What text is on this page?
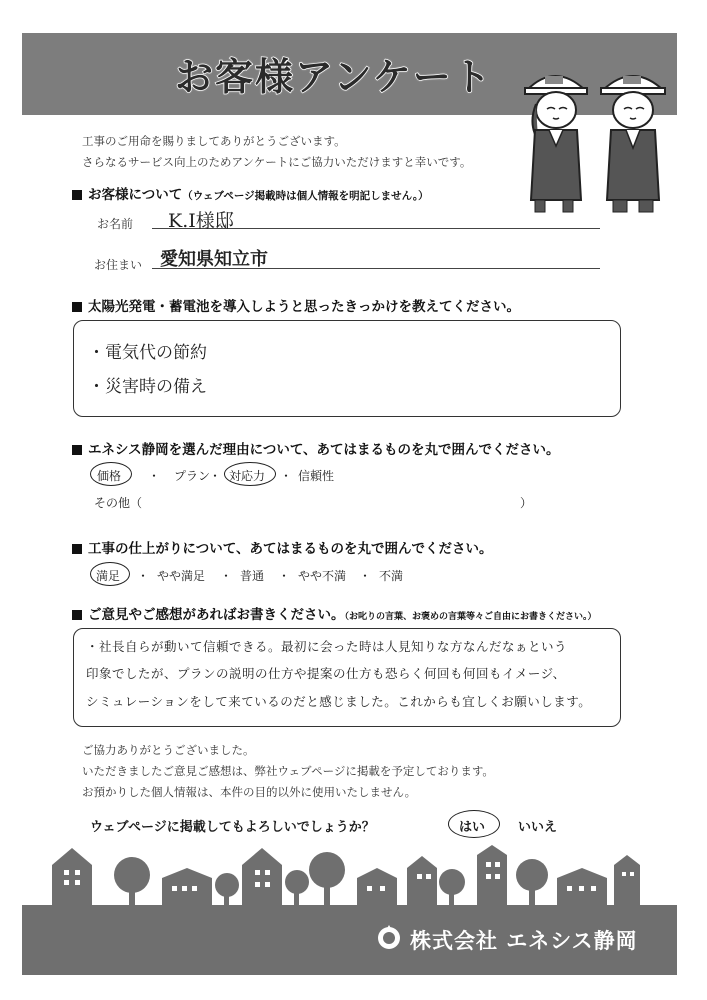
お客様アンケート
工事のご用命を賜りましてありがとうございます。
さらなるサービス向上のためアンケートにご協力いただけますと幸いです。
お客様について（ウェブページ掲載時は個人情報を明記しません。）
お名前 K.I様邸
お住まい 愛知県知立市
太陽光発電・蓄電池を導入しようと思ったきっかけを教えてください。
・電気代の節約
・災害時の備え
エネシス静岡を選んだ理由について、あてはまるものを丸で囲んでください。
価格 ・ プラン
・ 対応力 ・ 信頼性
その他（	）
工事の仕上がりについて、あてはまるものを丸で囲んでください。
満足 ・ やや満足 ・ 普通 ・ やや不満 ・ 不満
ご意見やご感想があればお書きください。（お叱りの言葉、お褒めの言葉等々ご自由にお書きください。）
・社長自らが動いて信頼できる。最初に会った時は人見知りな方なんだなぁという
印象でしたが、プランの説明の仕方や提案の仕方も恐らく何回も何回もイメージ、
シミュレーションをして来ているのだと感じました。これからも宜しくお願いします。
ご協力ありがとうございました。
いただきましたご意見ご感想は、弊社ウェブページに掲載を予定しております。
お預かりした個人情報は、本件の目的以外に使用いたしません。
ウェブページに掲載してもよろしいでしょうか？	はい	いいえ
株式会社 エネシス静岡
